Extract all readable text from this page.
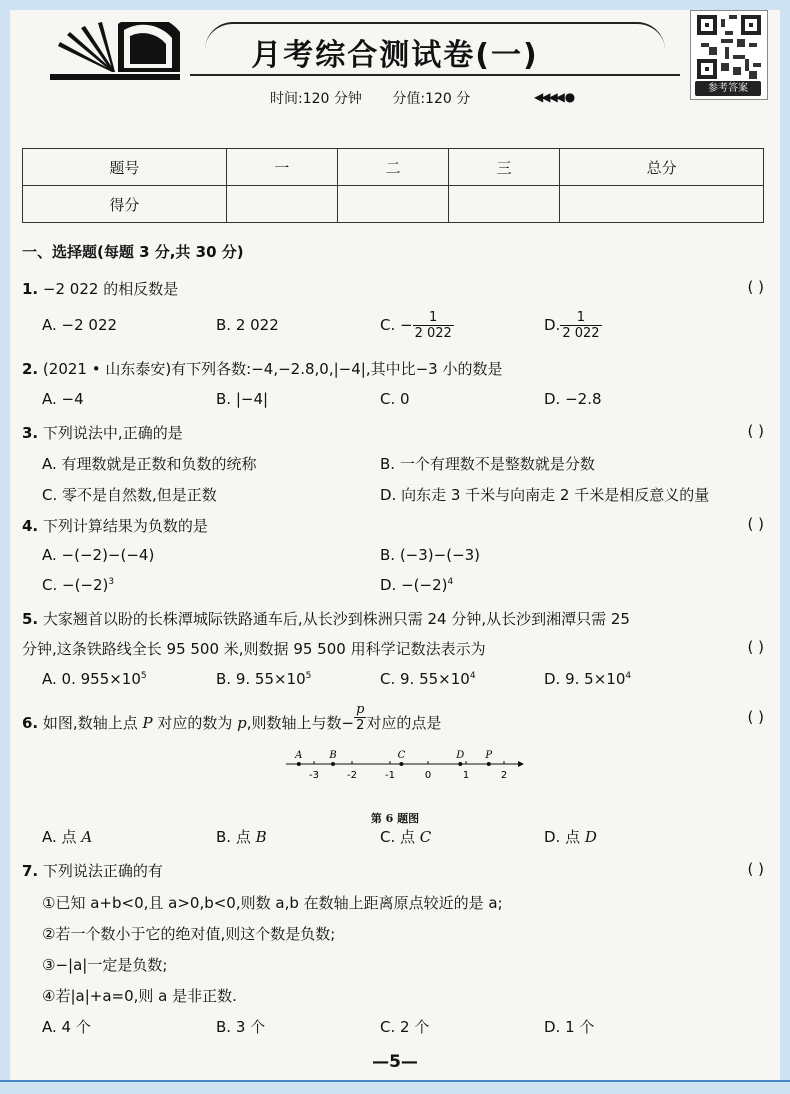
月考综合测试卷(一)
时间:120 分钟 分值:120 分	◀◀◀◀ ●
参考答案
题号	一	二	三	总分
得分				
一、选择题(每题 3 分,共 30 分)
1. −2 022 的相反数是	( )
A. −2 022	B. 2 022	C. − $\frac{1}{2 022}$	D. $\frac{1}{2 022}$
2. (2021 • 山东泰安)有下列各数:−4,−2.8,0,|−4|,其中比−3 小的数是
A. −4	B. |−4|	C. 0	D. −2.8
3. 下列说法中,正确的是	( )
A. 有理数就是正数和负数的统称	B. 一个有理数不是整数就是分数
C. 零不是自然数,但是正数	D. 向东走 3 千米与向南走 2 千米是相反意义的量
4. 下列计算结果为负数的是	( )
A. −(−2)−(−4)	B. (−3)−(−3)
C. $-(-2)^3$	D. $-(-2)^4$
5. 大家翘首以盼的长株潭城际铁路通车后,从长沙到株洲只需 24 分钟,从长沙到湘潭只需 25
分钟,这条铁路线全长 95 500 米,则数据 95 500 用科学记数法表示为	( )
A. 0. $955\times 10^5$	B. 9. $55\times 10^5$	C. 9. $55\times 10^4$	D. 9. $5\times 10^4$
6. 如图,数轴上点 P 对应的数为 p,则数轴上与数− $\frac{p}{2}$ 对应的点是	( )
A. 点 A	B. 点 B	C. 点 C	D. 点 D
7. 下列说法正确的有	( )
①已知 a+b<0,且 a>0,b<0,则数 a,b 在数轴上距离原点较近的是 a;
②若一个数小于它的绝对值,则这个数是负数;
③−|a|一定是负数;
④若|a|+a=0,则 a 是非正数.
A. 4 个	B. 3 个	C. 2 个	D. 1 个
-3	-2	-1	0	1	2
A	B	C	D P
第 6 题图
—5—
